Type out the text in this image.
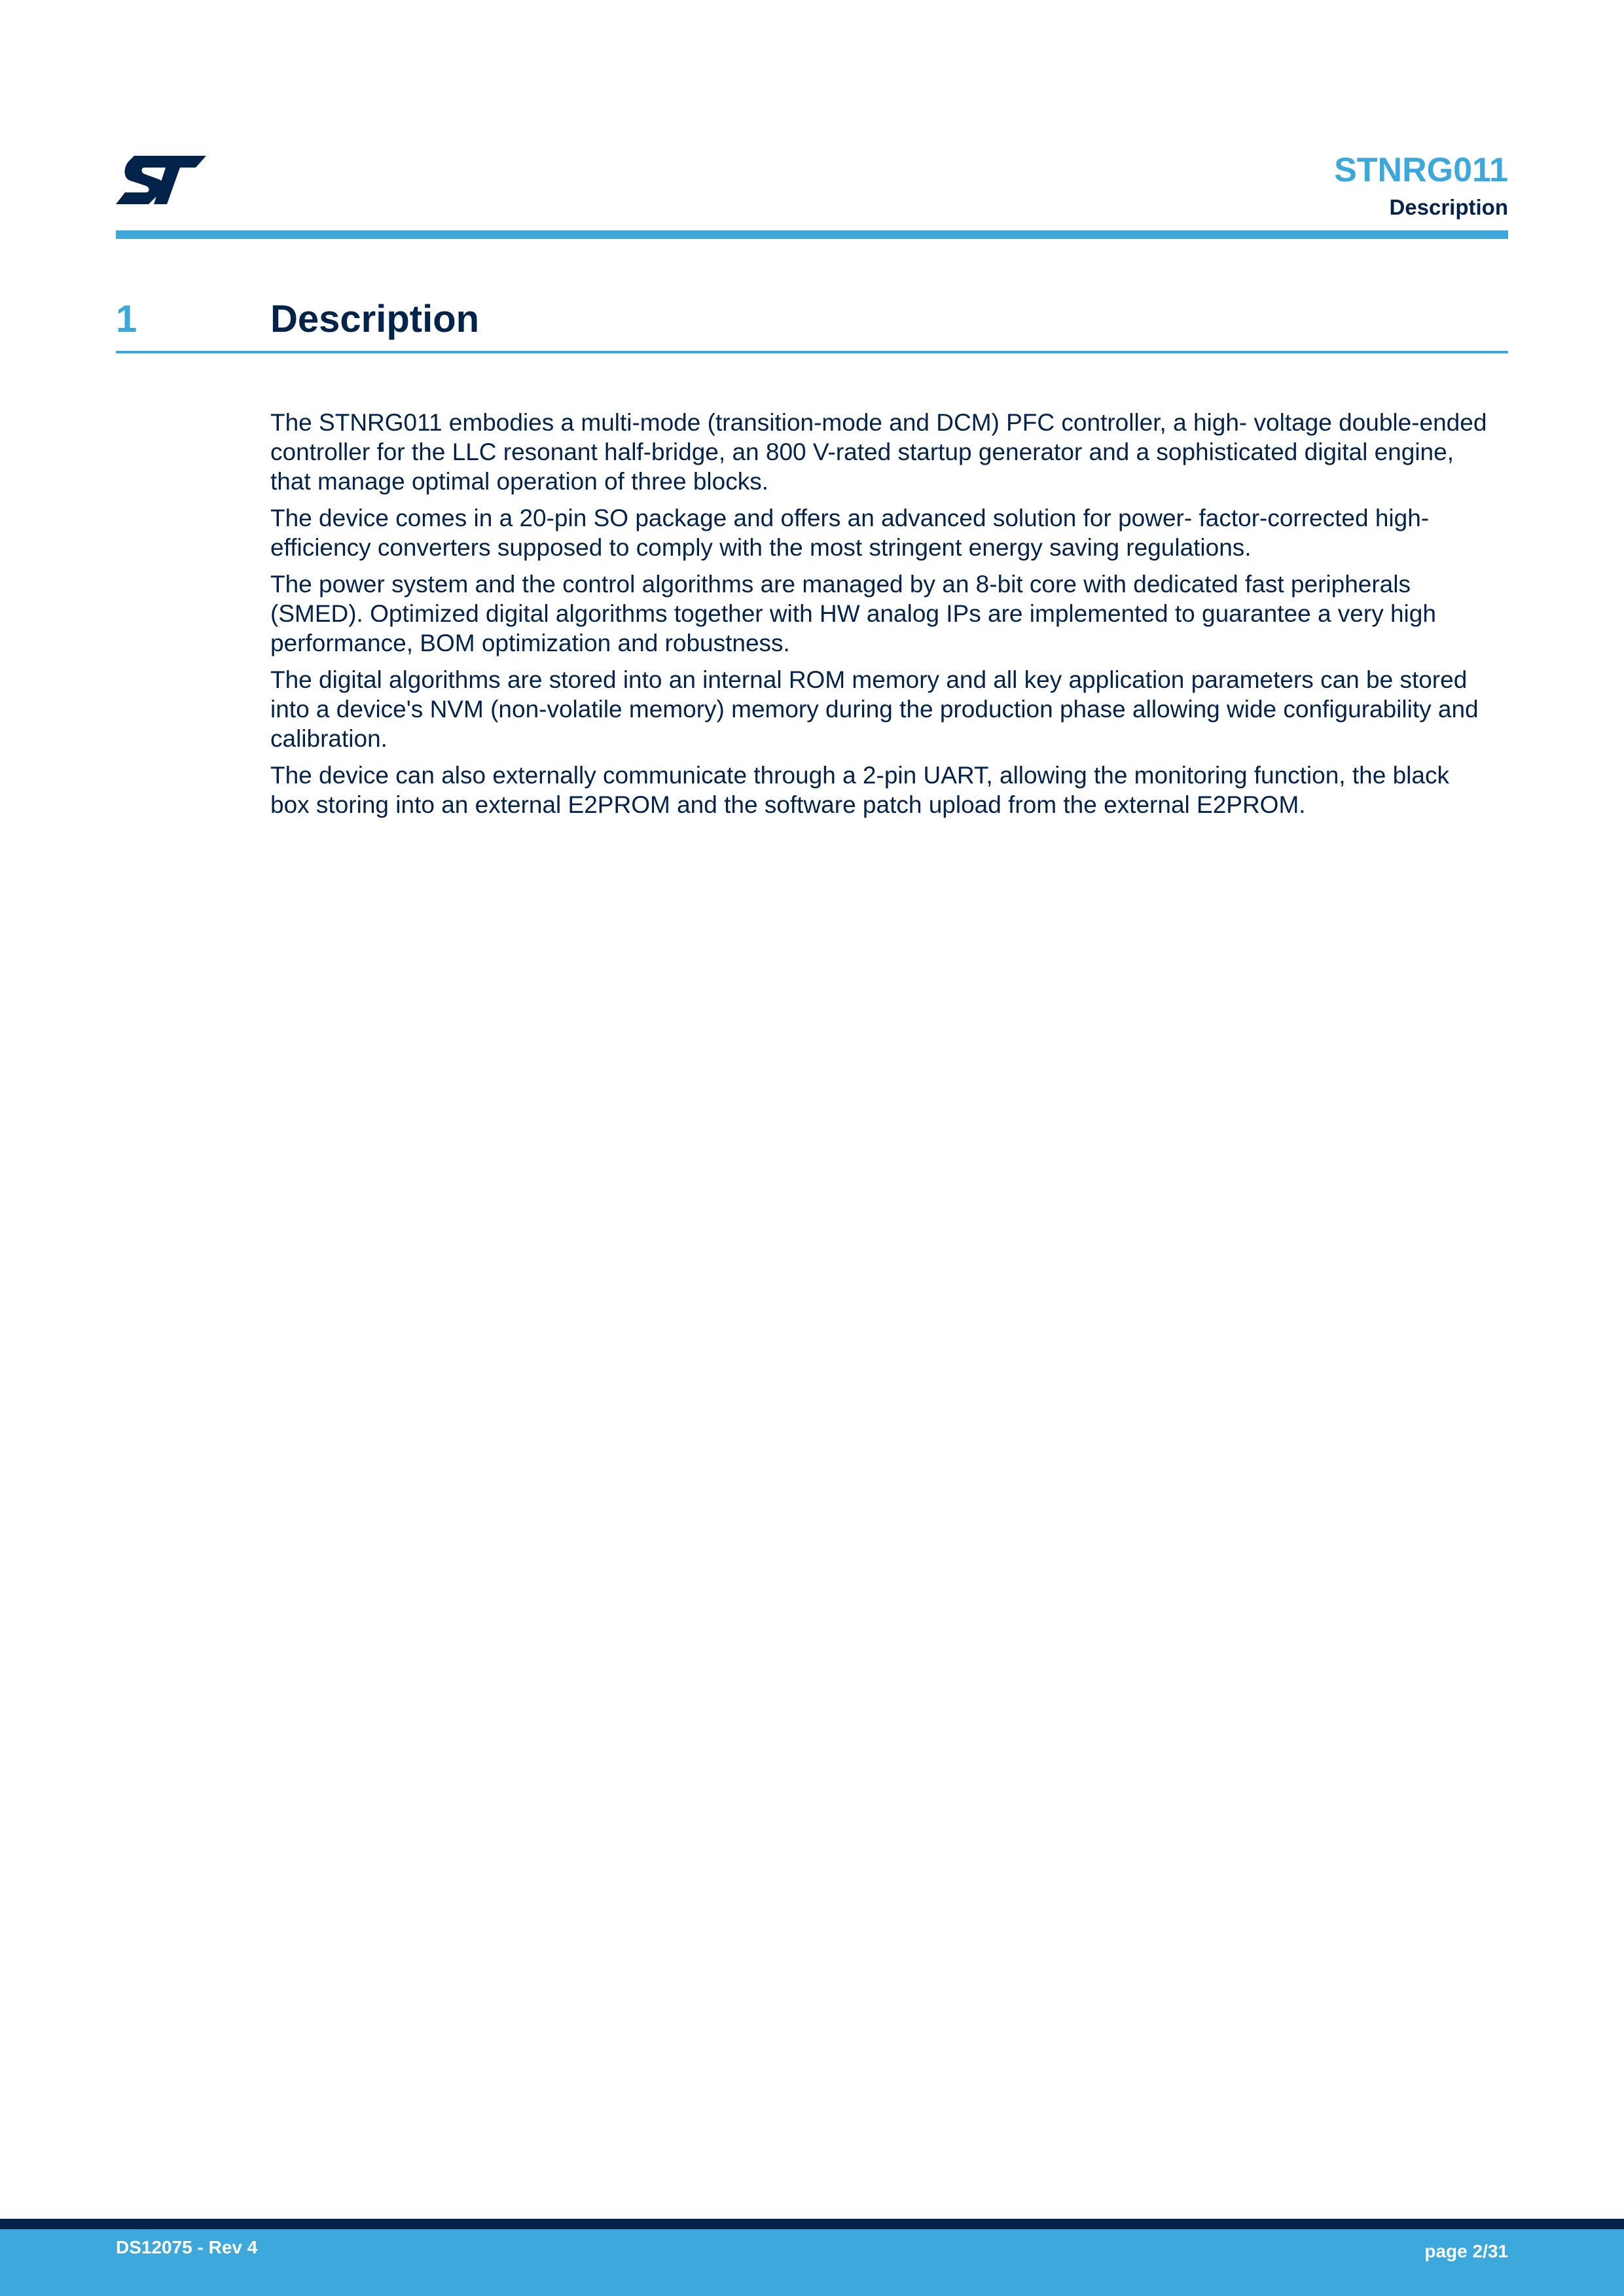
STNRG011
Description
1	Description

The STNRG011 embodies a multi-mode (transition-mode and DCM) PFC controller, a high- voltage double-ended
controller for the LLC resonant half-bridge, an 800 V-rated startup generator and a sophisticated digital engine,
that manage optimal operation of three blocks.

The device comes in a 20-pin SO package and offers an advanced solution for power- factor-corrected high-
efficiency converters supposed to comply with the most stringent energy saving regulations.

The power system and the control algorithms are managed by an 8-bit core with dedicated fast peripherals
(SMED). Optimized digital algorithms together with HW analog IPs are implemented to guarantee a very high
performance, BOM optimization and robustness.

The digital algorithms are stored into an internal ROM memory and all key application parameters can be stored
into a device's NVM (non-volatile memory) memory during the production phase allowing wide configurability and
calibration.

The device can also externally communicate through a 2-pin UART, allowing the monitoring function, the black
box storing into an external E2PROM and the software patch upload from the external E2PROM.

DS12075 - Rev 4	page 2/31
